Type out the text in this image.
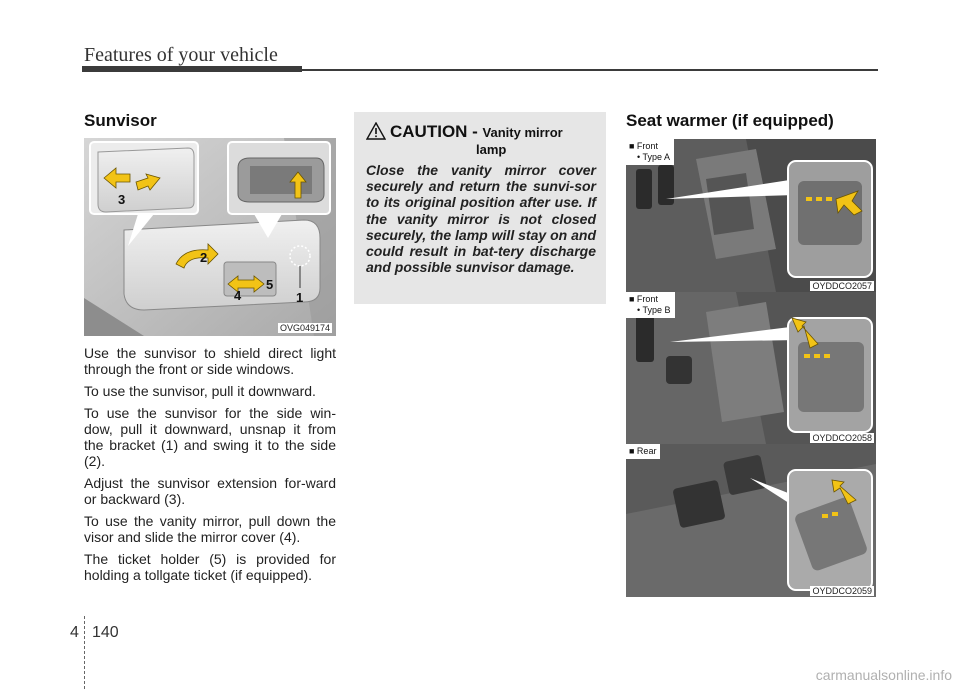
Features of your vehicle
Sunvisor
3
2
4
5
1
OVG049174

Use the sunvisor to shield direct light through the front or side windows.

To use the sunvisor, pull it downward.

To use the sunvisor for the side win-dow, pull it downward, unsnap it from the bracket (1) and swing it to the side (2).

Adjust the sunvisor extension for-ward or backward (3).

To use the vanity mirror, pull down the visor and slide the mirror cover (4).

The ticket holder (5) is provided for holding a tollgate ticket (if equipped).

CAUTION - Vanity mirror
lamp
Close the vanity mirror cover securely and return the sunvi-sor to its original position after use. If the vanity mirror is not closed securely, the lamp will stay on and could result in bat-tery discharge and possible sunvisor damage.
Seat warmer (if equipped)
■ Front
• Type A
OYDDCO2057
■ Front
• Type B
OYDDCO2058
■ Rear
OYDDCO2059
4 140
carmanualsonline.info
